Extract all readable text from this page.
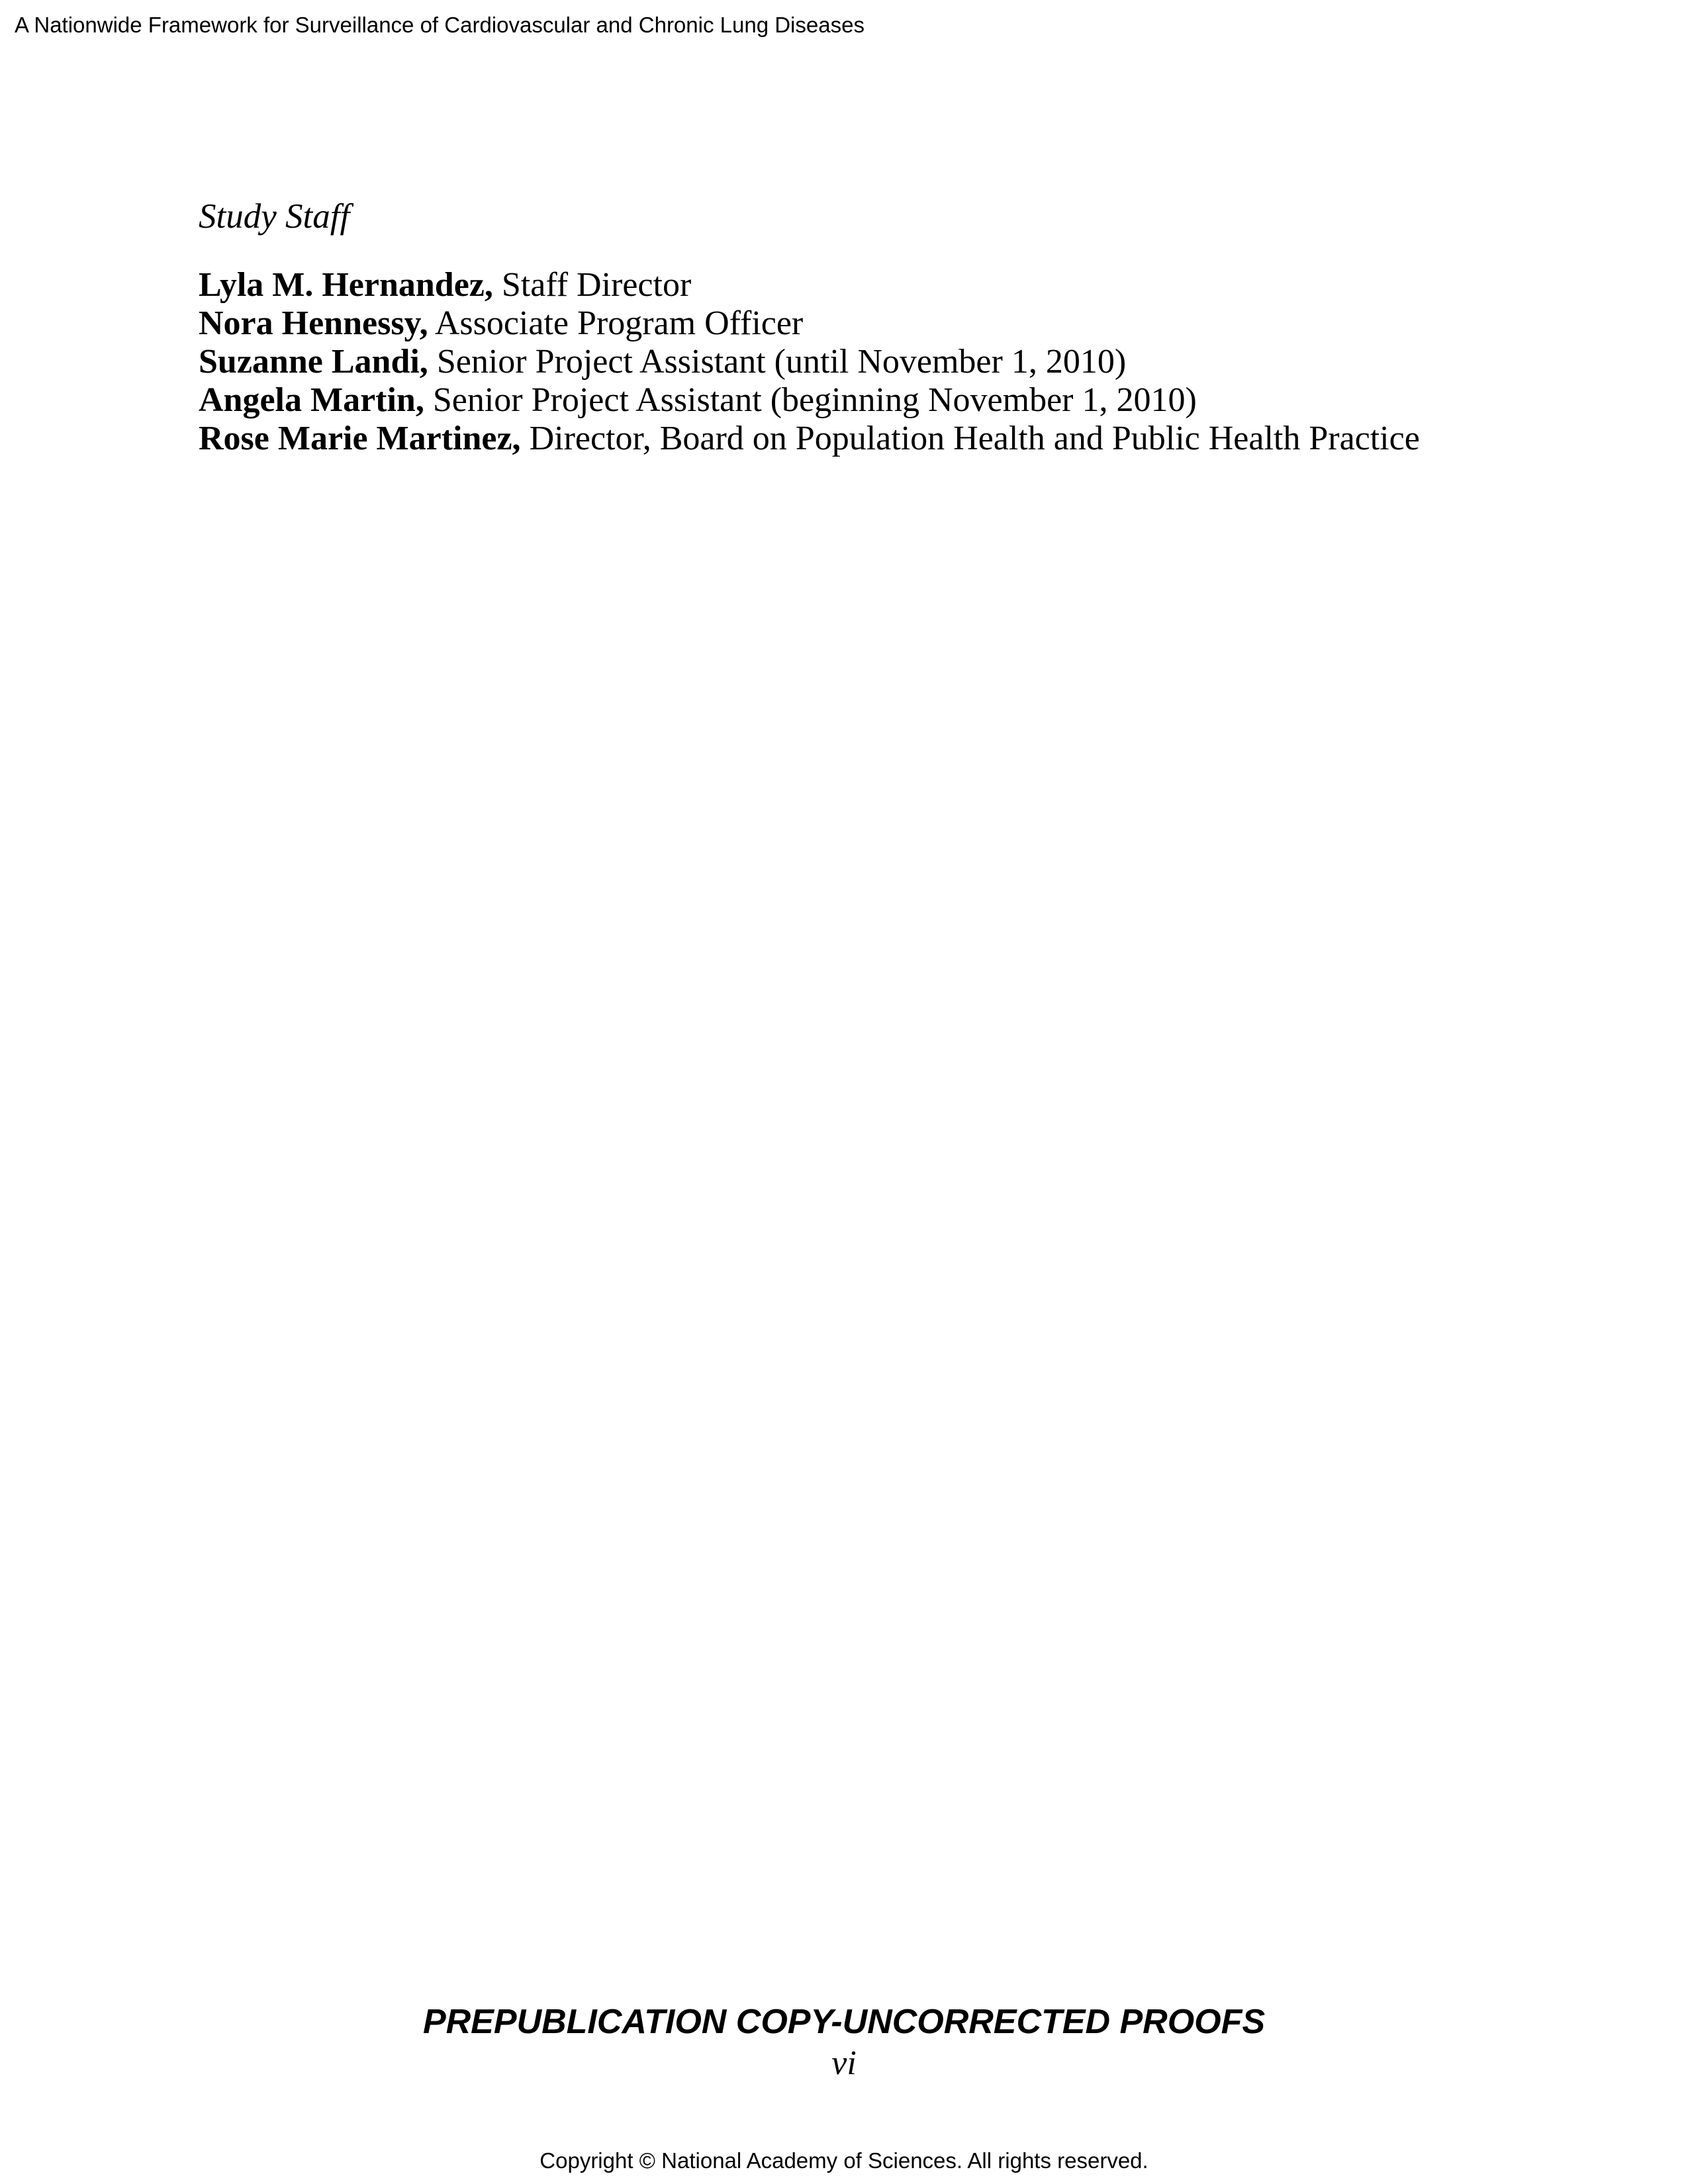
A Nationwide Framework for Surveillance of Cardiovascular and Chronic Lung Diseases
Study Staff
Lyla M. Hernandez, Staff Director
Nora Hennessy, Associate Program Officer
Suzanne Landi, Senior Project Assistant (until November 1, 2010)
Angela Martin, Senior Project Assistant (beginning November 1, 2010)
Rose Marie Martinez, Director, Board on Population Health and Public Health Practice
PREPUBLICATION COPY-UNCORRECTED PROOFS
vi
Copyright © National Academy of Sciences. All rights reserved.
